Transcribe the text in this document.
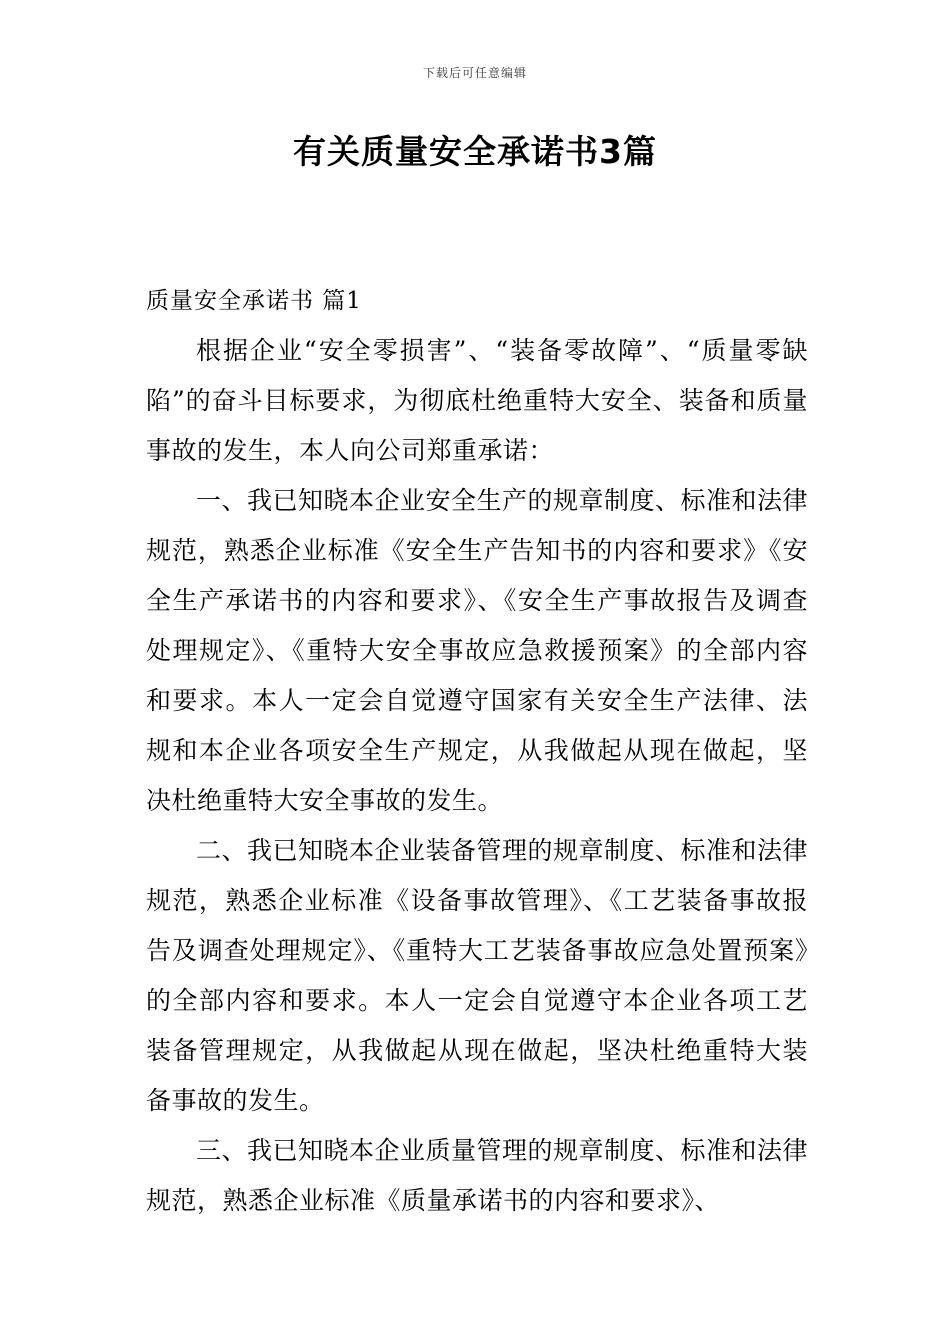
下载后可任意编辑
有关质量安全承诺书3篇
质量安全承诺书 篇1

根据企业“安全零损害”、“装备零故障”、“质量零缺陷”的奋斗目标要求，为彻底杜绝重特大安全、装备和质量事故的发生，本人向公司郑重承诺：

一、我已知晓本企业安全生产的规章制度、标准和法律规范，熟悉企业标准《安全生产告知书的内容和要求》《安全生产承诺书的内容和要求》、《安全生产事故报告及调查处理规定》、《重特大安全事故应急救援预案》的全部内容和要求。本人一定会自觉遵守国家有关安全生产法律、法规和本企业各项安全生产规定，从我做起从现在做起，坚决杜绝重特大安全事故的发生。

二、我已知晓本企业装备管理的规章制度、标准和法律规范，熟悉企业标准《设备事故管理》、《工艺装备事故报告及调查处理规定》、《重特大工艺装备事故应急处置预案》的全部内容和要求。本人一定会自觉遵守本企业各项工艺装备管理规定，从我做起从现在做起，坚决杜绝重特大装备事故的发生。

三、我已知晓本企业质量管理的规章制度、标准和法律规范，熟悉企业标准《质量承诺书的内容和要求》、
